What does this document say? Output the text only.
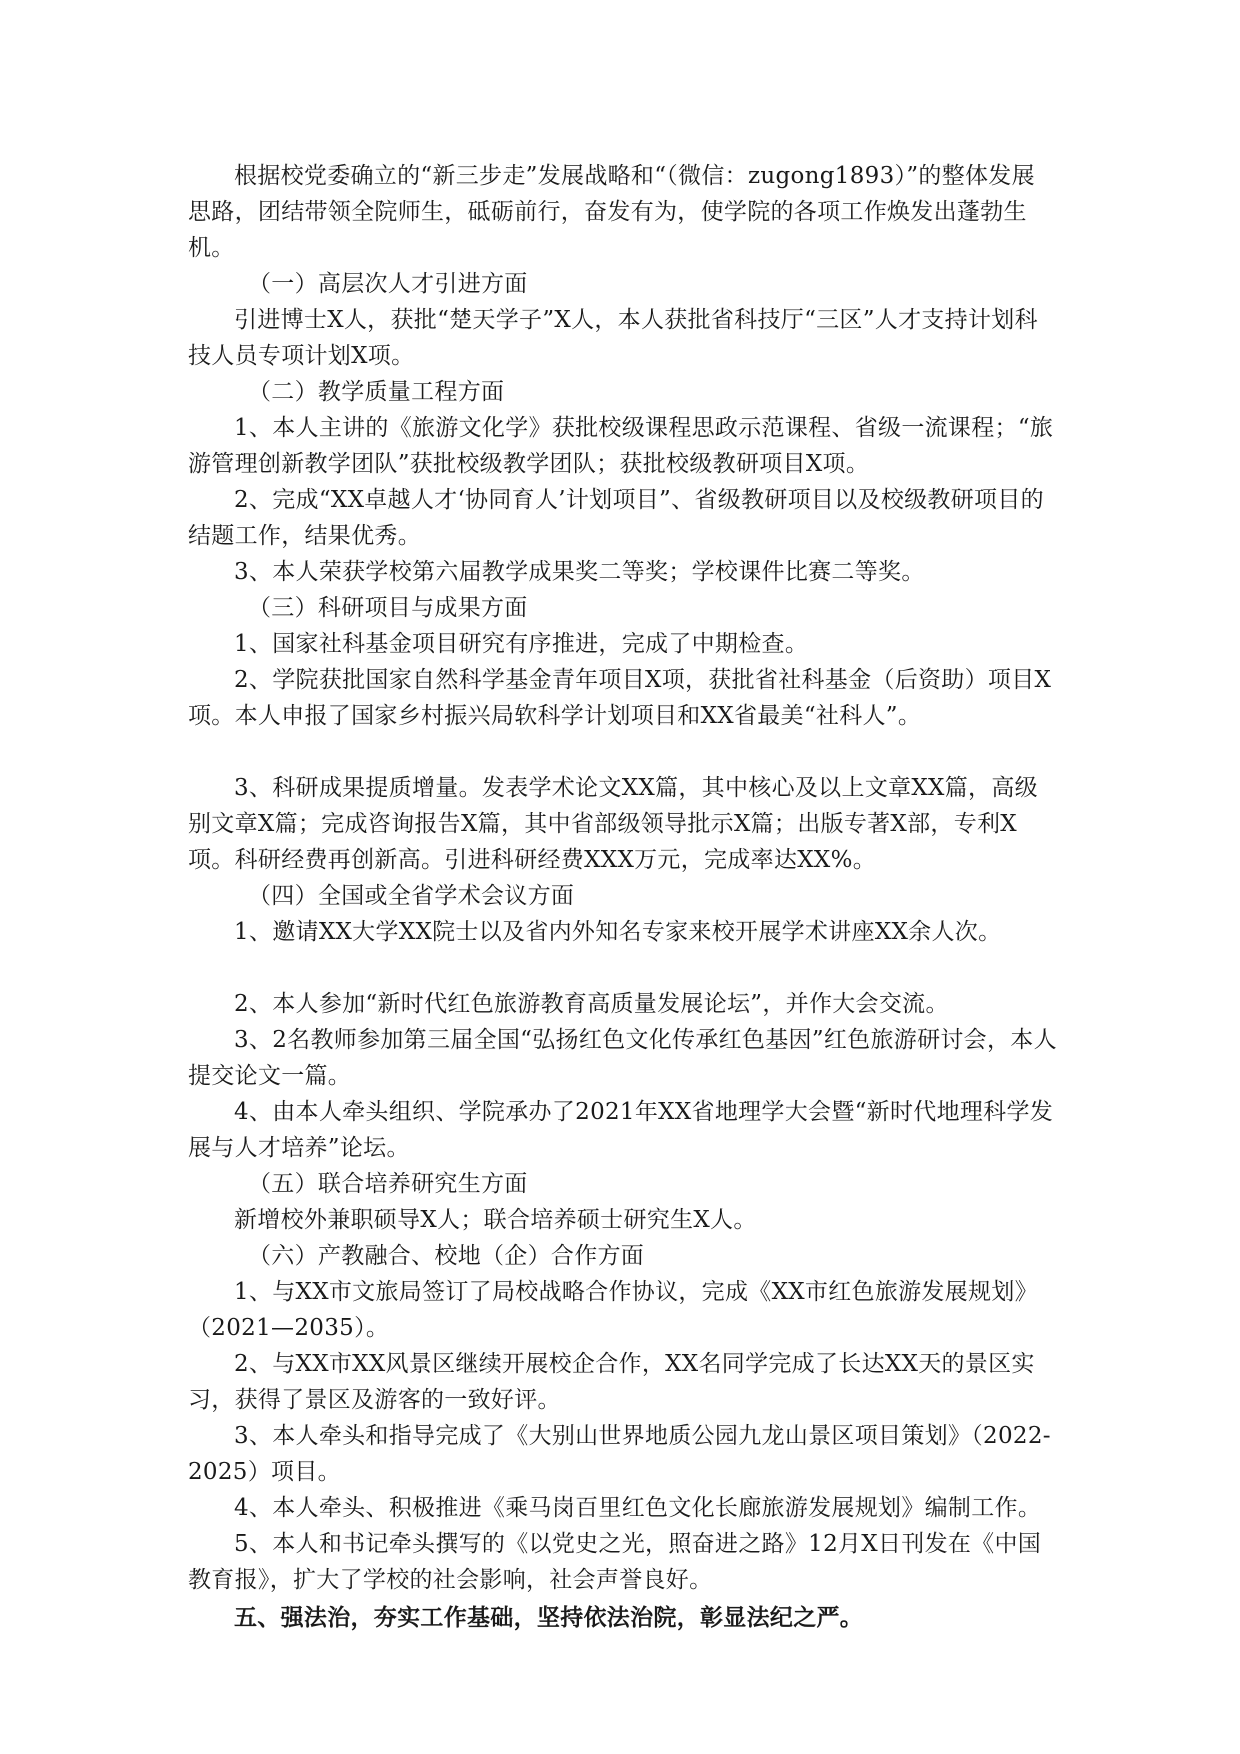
根据校党委确立的“新三步走”发展战略和“（微信：zugong1893）”的整体发展思路，团结带领全院师生，砥砺前行，奋发有为，使学院的各项工作焕发出蓬勃生机。

（一）高层次人才引进方面

引进博士X人，获批“楚天学子”X人，本人获批省科技厅“三区”人才支持计划科技人员专项计划X项。

（二）教学质量工程方面

1、本人主讲的《旅游文化学》获批校级课程思政示范课程、省级一流课程；“旅游管理创新教学团队”获批校级教学团队；获批校级教研项目X项。

2、完成“XX卓越人才‘协同育人’计划项目”、省级教研项目以及校级教研项目的结题工作，结果优秀。

3、本人荣获学校第六届教学成果奖二等奖；学校课件比赛二等奖。

（三）科研项目与成果方面

1、国家社科基金项目研究有序推进，完成了中期检查。

2、学院获批国家自然科学基金青年项目X项，获批省社科基金（后资助）项目X项。本人申报了国家乡村振兴局软科学计划项目和XX省最美“社科人”。

3、科研成果提质增量。发表学术论文XX篇，其中核心及以上文章XX篇，高级别文章X篇；完成咨询报告X篇，其中省部级领导批示X篇；出版专著X部，专利X项。科研经费再创新高。引进科研经费XXX万元，完成率达XX%。

（四）全国或全省学术会议方面

1、邀请XX大学XX院士以及省内外知名专家来校开展学术讲座XX余人次。

2、本人参加“新时代红色旅游教育高质量发展论坛”，并作大会交流。

3、2名教师参加第三届全国“弘扬红色文化传承红色基因”红色旅游研讨会，本人提交论文一篇。

4、由本人牵头组织、学院承办了2021年XX省地理学大会暨“新时代地理科学发展与人才培养”论坛。

（五）联合培养研究生方面

新增校外兼职硕导X人；联合培养硕士研究生X人。

（六）产教融合、校地（企）合作方面

1、与XX市文旅局签订了局校战略合作协议，完成《XX市红色旅游发展规划》（2021—2035）。

2、与XX市XX风景区继续开展校企合作，XX名同学完成了长达XX天的景区实习，获得了景区及游客的一致好评。

3、本人牵头和指导完成了《大别山世界地质公园九龙山景区项目策划》（2022-2025）项目。

4、本人牵头、积极推进《乘马岗百里红色文化长廊旅游发展规划》编制工作。

5、本人和书记牵头撰写的《以党史之光，照奋进之路》12月X日刊发在《中国教育报》，扩大了学校的社会影响，社会声誉良好。

五、强法治，夯实工作基础，坚持依法治院，彰显法纪之严。
